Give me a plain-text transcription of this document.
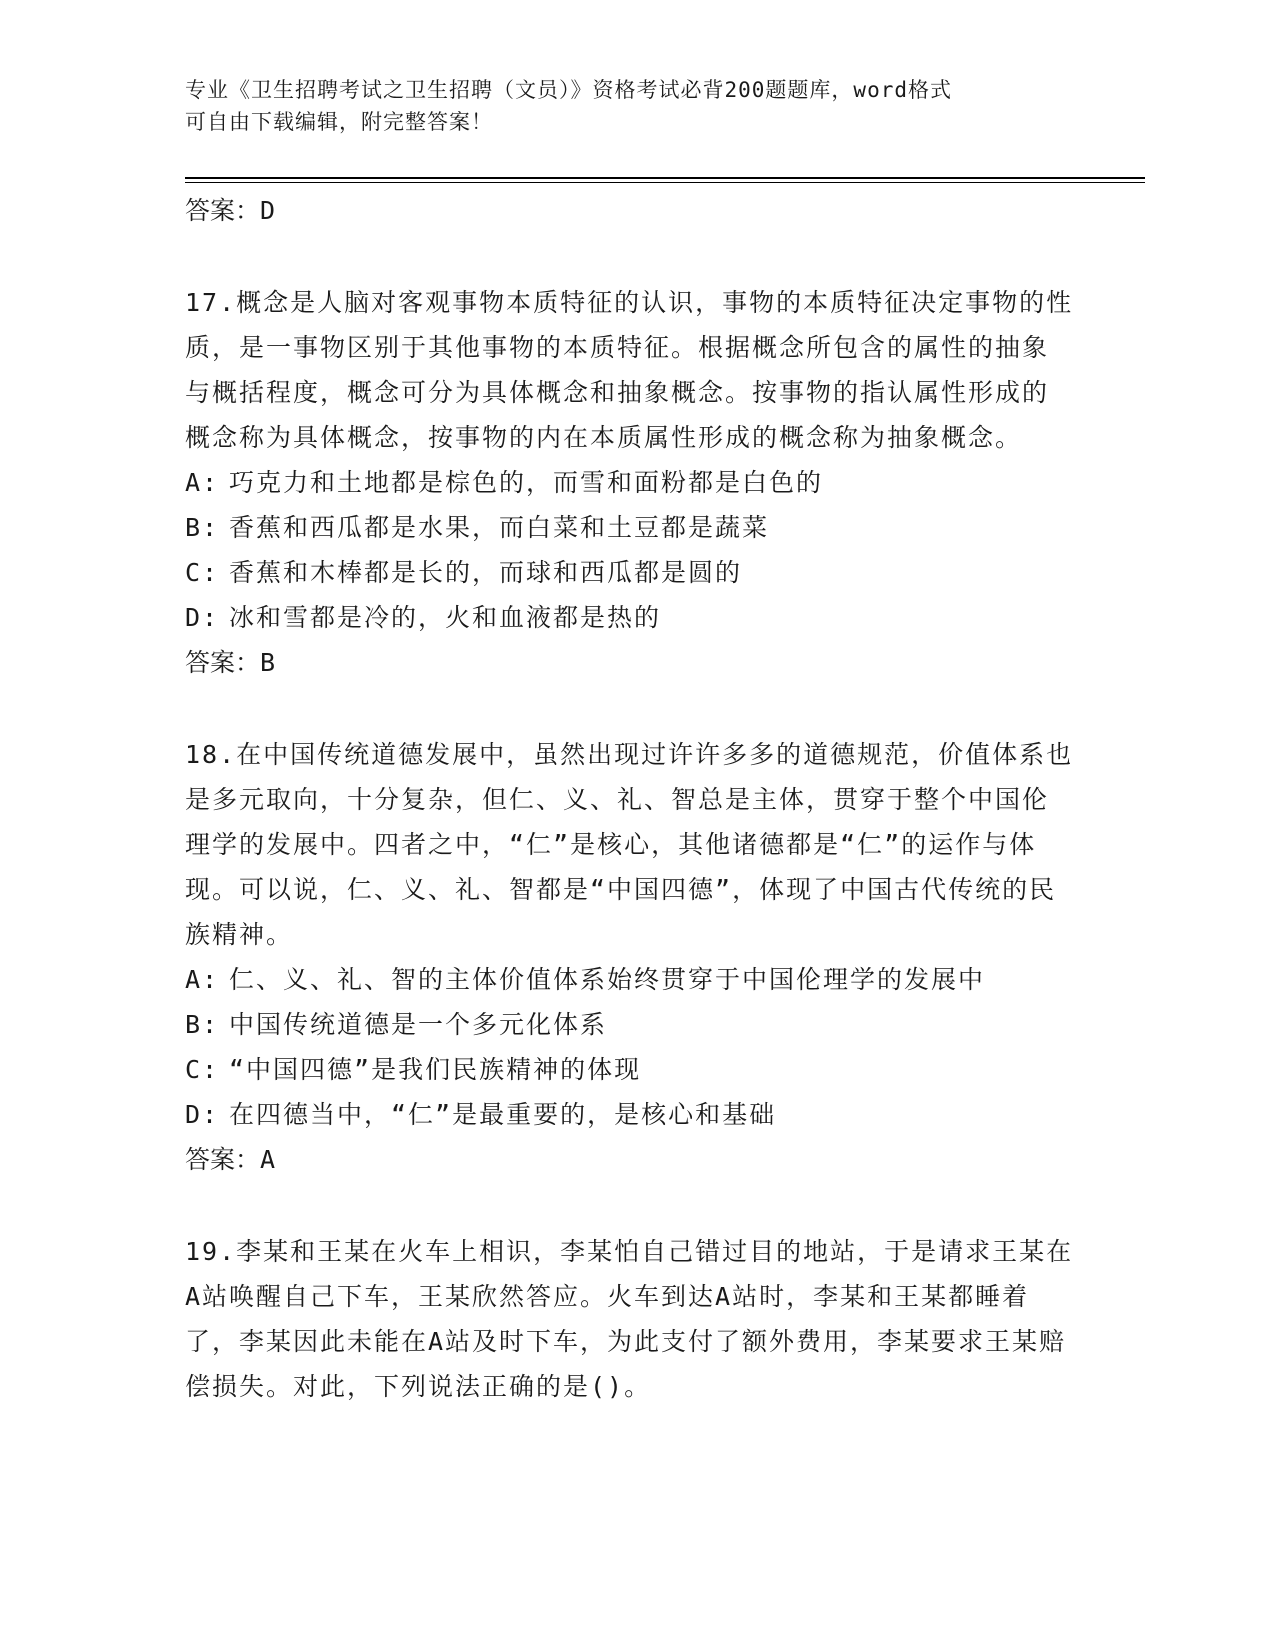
专业《卫生招聘考试之卫生招聘（文员）》资格考试必背200题题库，word格式
可自由下载编辑，附完整答案！
答案：D
17.概念是人脑对客观事物本质特征的认识，事物的本质特征决定事物的性质，是一事物区别于其他事物的本质特征。根据概念所包含的属性的抽象与概括程度，概念可分为具体概念和抽象概念。按事物的指认属性形成的概念称为具体概念，按事物的内在本质属性形成的概念称为抽象概念。
A: 巧克力和土地都是棕色的，而雪和面粉都是白色的
B: 香蕉和西瓜都是水果，而白菜和土豆都是蔬菜
C: 香蕉和木棒都是长的，而球和西瓜都是圆的
D: 冰和雪都是冷的，火和血液都是热的
答案：B
18.在中国传统道德发展中，虽然出现过许许多多的道德规范，价值体系也是多元取向，十分复杂，但仁、义、礼、智总是主体，贯穿于整个中国伦理学的发展中。四者之中，“仁”是核心，其他诸德都是“仁”的运作与体现。可以说，仁、义、礼、智都是“中国四德”，体现了中国古代传统的民族精神。
A: 仁、义、礼、智的主体价值体系始终贯穿于中国伦理学的发展中
B: 中国传统道德是一个多元化体系
C: “中国四德”是我们民族精神的体现
D: 在四德当中，“仁”是最重要的，是核心和基础
答案：A
19.李某和王某在火车上相识，李某怕自己错过目的地站，于是请求王某在A站唤醒自己下车，王某欣然答应。火车到达A站时，李某和王某都睡着了，李某因此未能在A站及时下车，为此支付了额外费用，李某要求王某赔偿损失。对此，下列说法正确的是()。
